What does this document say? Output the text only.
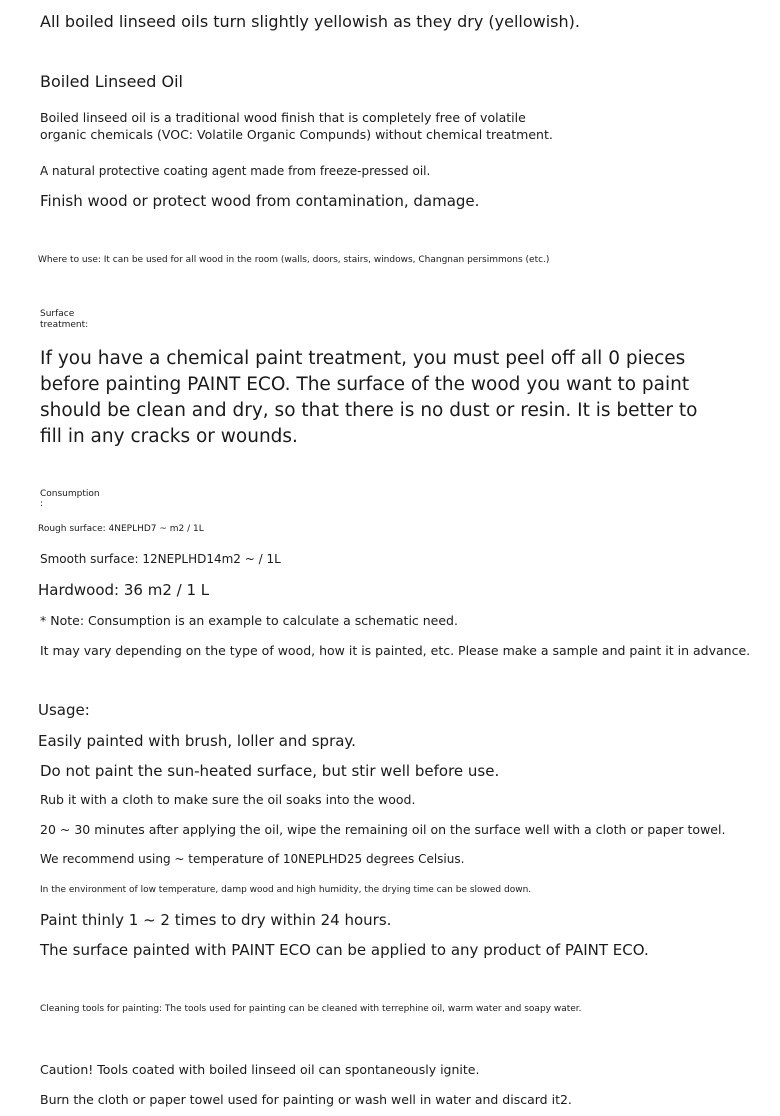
All boiled linseed oils turn slightly yellowish as they dry (yellowish).

Boiled Linseed Oil

Boiled linseed oil is a traditional wood finish that is completely free of volatile

organic chemicals (VOC: Volatile Organic Compunds) without chemical treatment.

A natural protective coating agent made from freeze-pressed oil.

Finish wood or protect wood from contamination, damage.

Where to use: It can be used for all wood in the room (walls, doors, stairs, windows, Changnan persimmons (etc.)

Surface

treatment:

If you have a chemical paint treatment, you must peel off all 0 pieces before painting PAINT ECO. The surface of the wood you want to paint should be clean and dry, so that there is no dust or resin. It is better to fill in any cracks or wounds.

Consumption

:

Rough surface: 4NEPLHD7 ~ m2 / 1L

Smooth surface: 12NEPLHD14m2 ~ / 1L

Hardwood: 36 m2 / 1 L

* Note: Consumption is an example to calculate a schematic need.

It may vary depending on the type of wood, how it is painted, etc. Please make a sample and paint it in advance.

Usage:

Easily painted with brush, loller and spray.

Do not paint the sun-heated surface, but stir well before use.

Rub it with a cloth to make sure the oil soaks into the wood.

20 ~ 30 minutes after applying the oil, wipe the remaining oil on the surface well with a cloth or paper towel.

We recommend using ~ temperature of 10NEPLHD25 degrees Celsius.

In the environment of low temperature, damp wood and high humidity, the drying time can be slowed down.

Paint thinly 1 ~ 2 times to dry within 24 hours.

The surface painted with PAINT ECO can be applied to any product of PAINT ECO.

Cleaning tools for painting: The tools used for painting can be cleaned with terrephine oil, warm water and soapy water.

Caution! Tools coated with boiled linseed oil can spontaneously ignite.

Burn the cloth or paper towel used for painting or wash well in water and discard it2.
